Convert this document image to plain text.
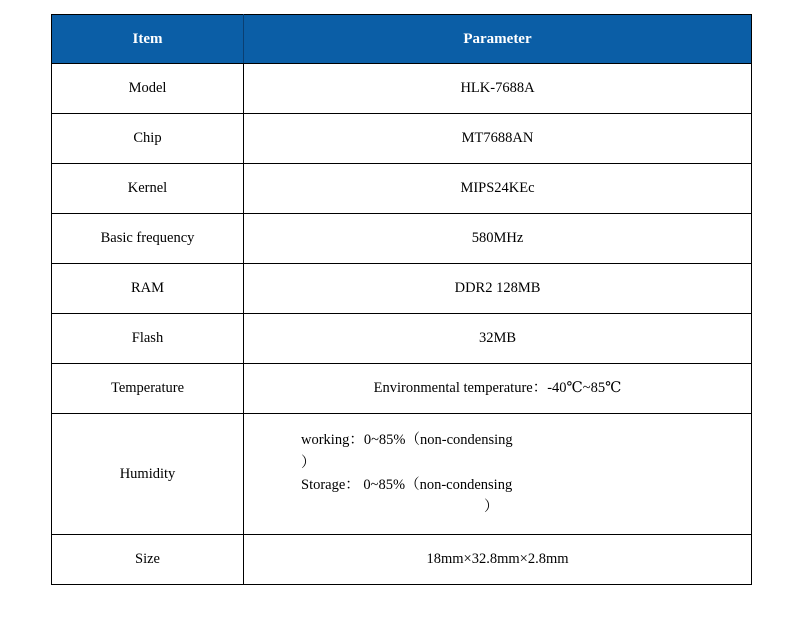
Item	Parameter
Model	HLK-7688A
Chip	MT7688AN
Kernel	MIPS24KEc
Basic frequency	580MHz
RAM	DDR2 128MB
Flash	32MB
Temperature	Environmental temperature：-40℃~85℃
Humidity	working：0~85%（non-condensing
）
Storage： 0~85%（non-condensing
）

Size	18mm×32.8mm×2.8mm
